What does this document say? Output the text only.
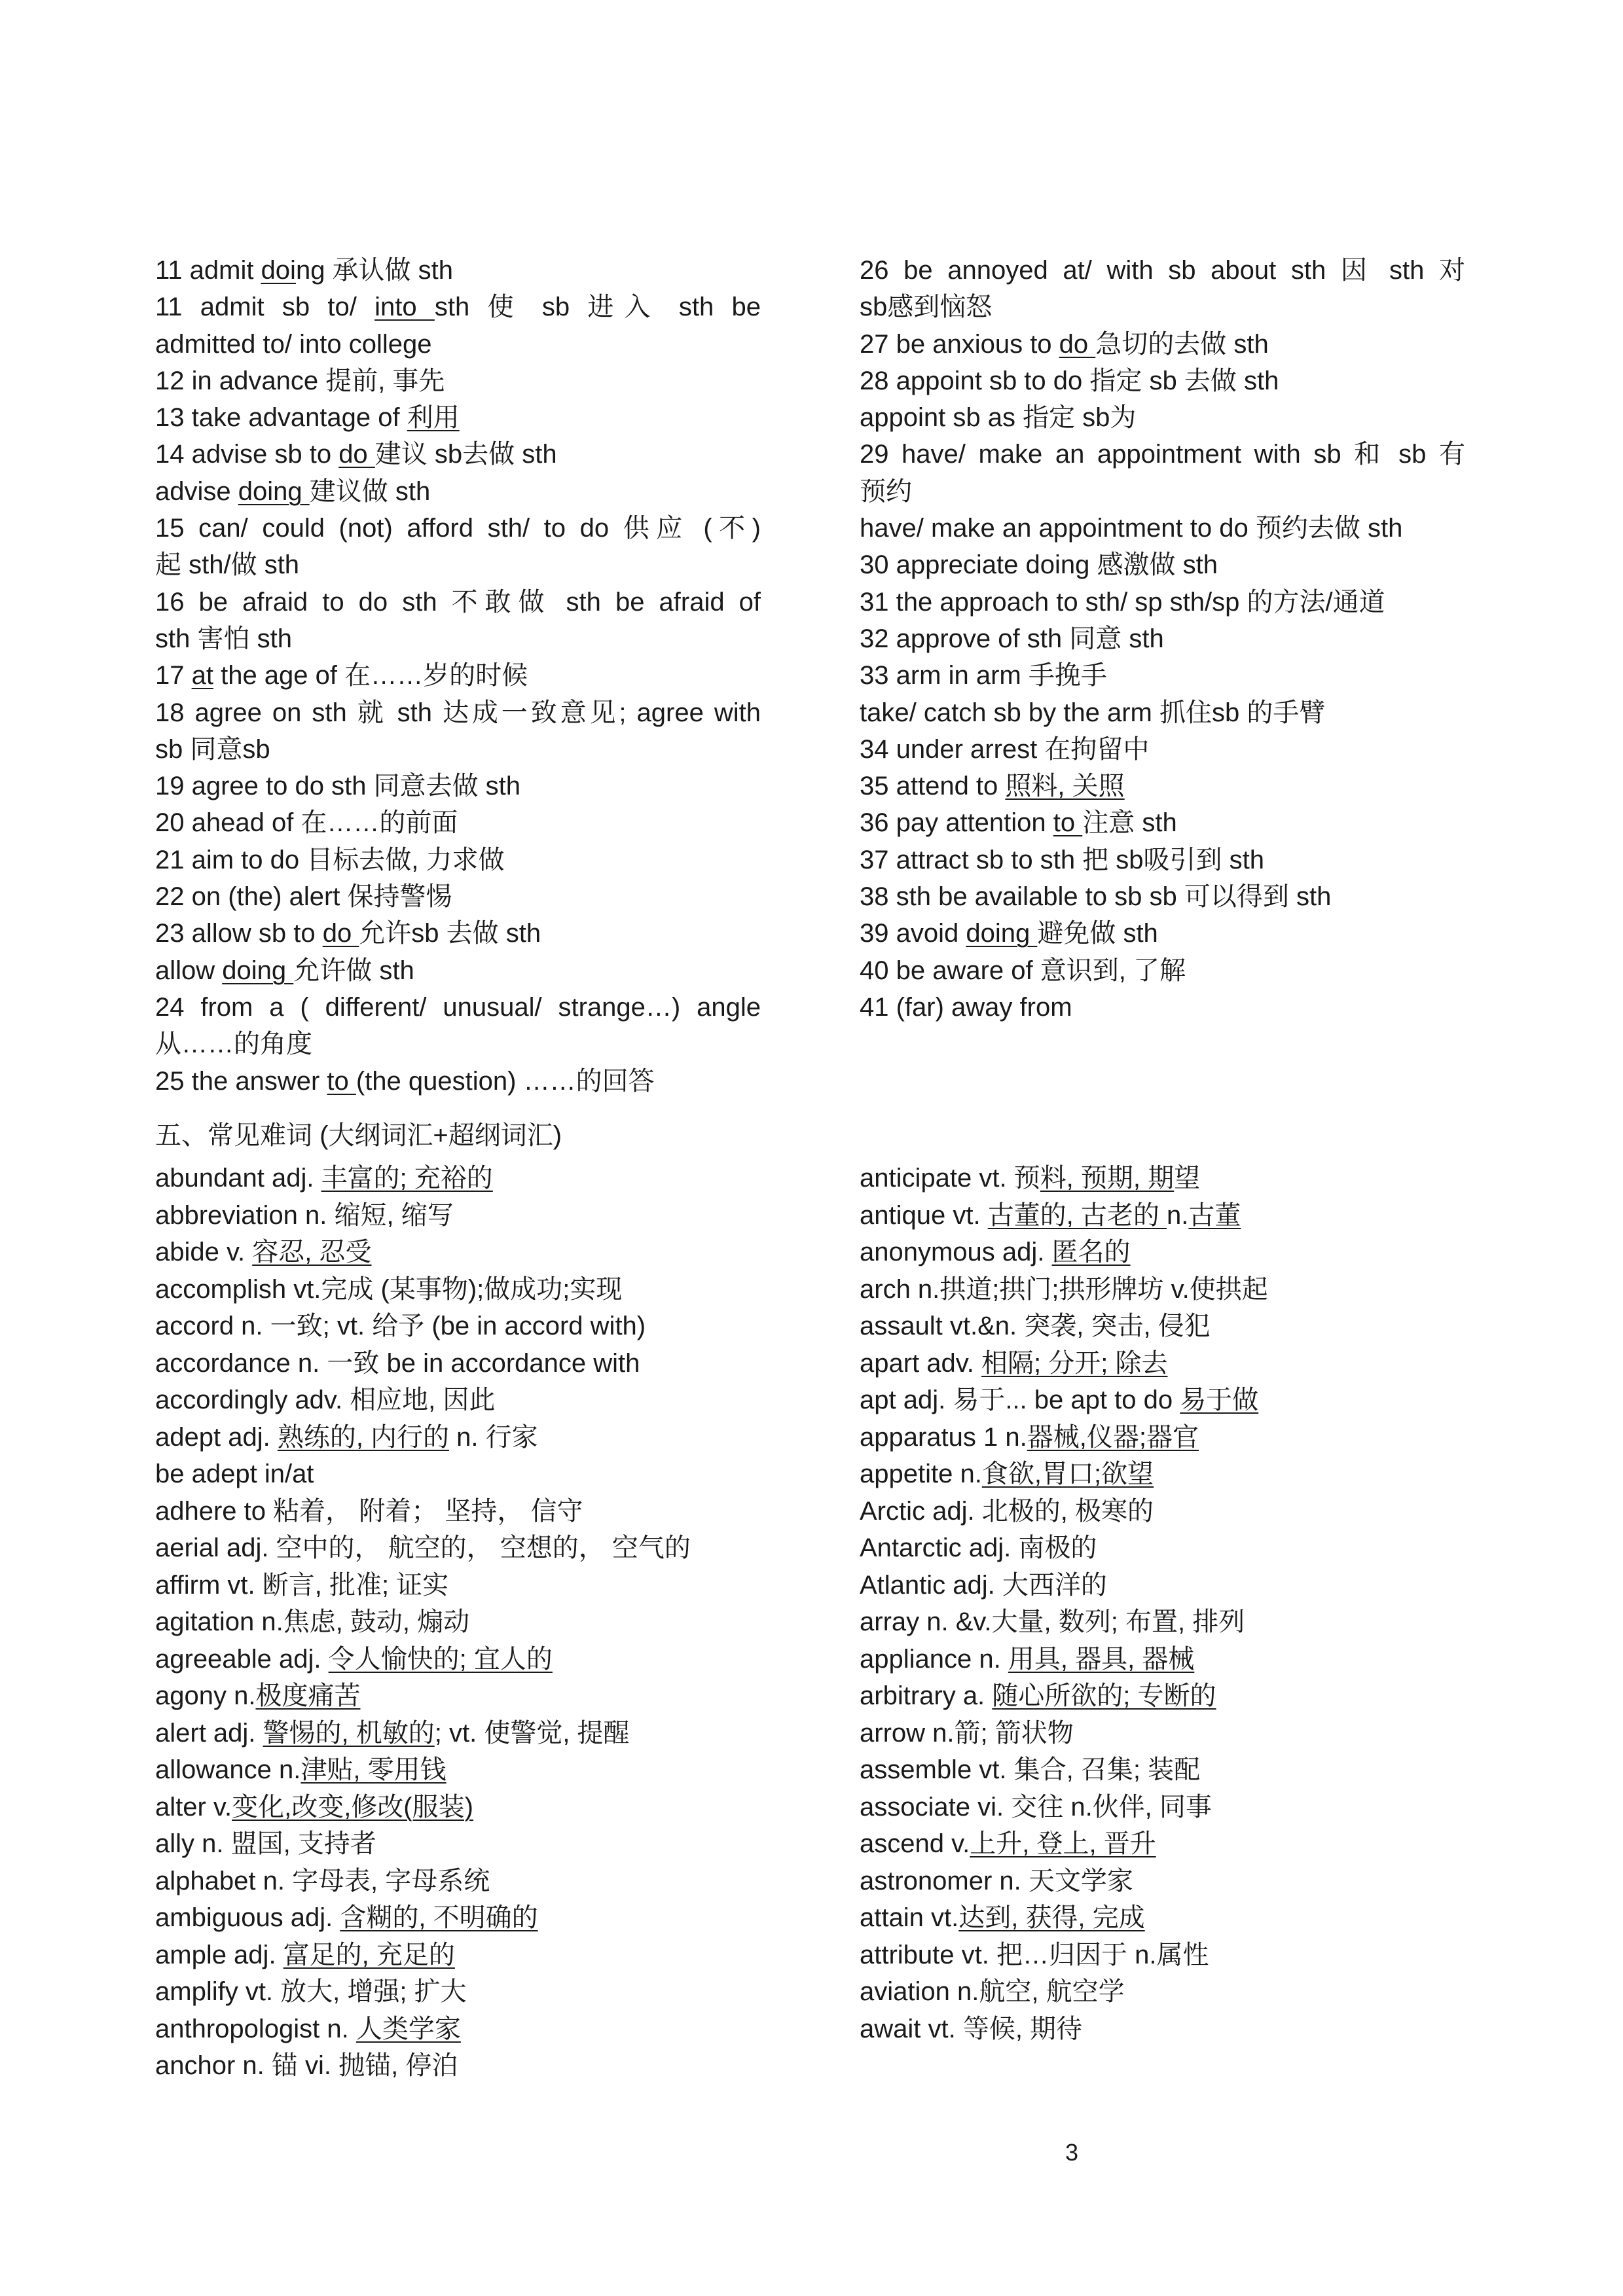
11 admit doing 承认做 sth
11 admit sb to/ into sth 使 sb 进入 sth be
admitted to/ into college
12 in advance 提前, 事先
13 take advantage of 利用
14 advise sb to do 建议 sb去做 sth
advise doing 建议做 sth
15 can/ could (not) afford sth/ to do 供应 (不)
起 sth/做 sth
16 be afraid to do sth 不敢做 sth be afraid of
sth 害怕 sth
17 at the age of 在……岁的时候
18 agree on sth 就 sth 达成一致意见; agree with
sb 同意sb
19 agree to do sth 同意去做 sth
20 ahead of 在……的前面
21 aim to do 目标去做, 力求做
22 on (the) alert 保持警惕
23 allow sb to do 允许sb 去做 sth
allow doing 允许做 sth
24 from a ( different/ unusual/ strange…) angle
从……的角度
25 the answer to (the question) ……的回答
26 be annoyed at/ with sb about sth 因 sth 对
sb感到恼怒
27 be anxious to do 急切的去做 sth
28 appoint sb to do 指定 sb 去做 sth
appoint sb as 指定 sb为
29 have/ make an appointment with sb 和 sb 有
预约
have/ make an appointment to do 预约去做 sth
30 appreciate doing 感激做 sth
31 the approach to sth/ sp sth/sp 的方法/通道
32 approve of sth 同意 sth
33 arm in arm 手挽手
take/ catch sb by the arm 抓住sb 的手臂
34 under arrest 在拘留中
35 attend to 照料, 关照
36 pay attention to 注意 sth
37 attract sb to sth 把 sb吸引到 sth
38 sth be available to sb sb 可以得到 sth
39 avoid doing 避免做 sth
40 be aware of 意识到, 了解
41 (far) away from
五、常见难词 (大纲词汇+超纲词汇)
abundant adj. 丰富的; 充裕的
abbreviation n. 缩短, 缩写
abide v. 容忍, 忍受
accomplish vt.完成 (某事物);做成功;实现
accord n. 一致; vt. 给予 (be in accord with)
accordance n. 一致 be in accordance with
accordingly adv. 相应地, 因此
adept adj. 熟练的, 内行的 n. 行家
be adept in/at
adhere to 粘着， 附着； 坚持， 信守
aerial adj. 空中的， 航空的， 空想的， 空气的
affirm vt. 断言, 批准; 证实
agitation n.焦虑, 鼓动, 煽动
agreeable adj. 令人愉快的; 宜人的
agony n.极度痛苦
alert adj. 警惕的, 机敏的; vt. 使警觉, 提醒
allowance n.津贴, 零用钱
alter v.变化,改变,修改(服装)
ally n. 盟国, 支持者
alphabet n. 字母表, 字母系统
ambiguous adj. 含糊的, 不明确的
ample adj. 富足的, 充足的
amplify vt. 放大, 增强; 扩大
anthropologist n. 人类学家
anchor n. 锚 vi. 抛锚, 停泊
anticipate vt. 预料, 预期, 期望
antique vt. 古董的, 古老的 n.古董
anonymous adj. 匿名的
arch n.拱道;拱门;拱形牌坊 v.使拱起
assault vt.&n. 突袭, 突击, 侵犯
apart adv. 相隔; 分开; 除去
apt adj. 易于... be apt to do 易于做
apparatus 1 n.器械,仪器;器官
appetite n.食欲,胃口;欲望
Arctic adj. 北极的, 极寒的
Antarctic adj. 南极的
Atlantic adj. 大西洋的
array n. &v.大量, 数列; 布置, 排列
appliance n. 用具, 器具, 器械
arbitrary a. 随心所欲的; 专断的
arrow n.箭; 箭状物
assemble vt. 集合, 召集; 装配
associate vi. 交往 n.伙伴, 同事
ascend v.上升, 登上, 晋升
astronomer n. 天文学家
attain vt.达到, 获得, 完成
attribute vt. 把…归因于 n.属性
aviation n.航空, 航空学
await vt. 等候, 期待
3
